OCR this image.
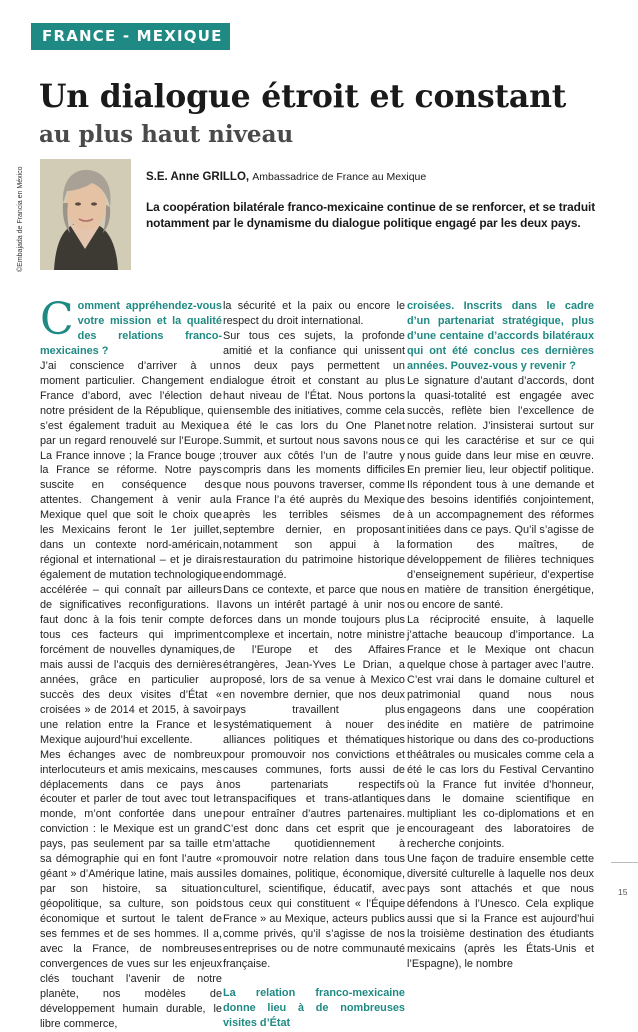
FRANCE - MEXIQUE
Un dialogue étroit et constant
au plus haut niveau
©Embajada de Francia en México	S.E. Anne GRILLO, Ambassadrice de France au Mexique
La coopération bilatérale franco-mexicaine continue de se renforcer, et se traduit notamment par le dynamisme du dialogue politique engagé par les deux pays.
C omment appréhendez-vous votre mission et la qualité des relations franco-mexicaines ?

J’ai conscience d’arriver à un moment particulier. Changement en France d’abord, avec l’élection de notre président de la République, qui s’est également traduit au Mexique par un regard renouvelé sur l’Europe. La France innove ; la France bouge ; la France se réforme. Notre pays suscite en conséquence des attentes. Changement à venir au Mexique quel que soit le choix que les Mexicains feront le 1er juillet, dans un contexte nord-américain, régional et international – et je dirais également de mutation technologique accélérée – qui connaît par ailleurs de significatives reconfigurations. Il faut donc à la fois tenir compte de tous ces facteurs qui impriment forcément de nouvelles dynamiques, mais aussi de l’acquis des dernières années, grâce en particulier au succès des deux visites d’État « croisées » de 2014 et 2015, à savoir une relation entre la France et le Mexique aujourd’hui excellente.

Mes échanges avec de nombreux interlocuteurs et amis mexicains, mes déplacements dans ce pays à écouter et parler de tout avec tout le monde, m’ont confortée dans une conviction : le Mexique est un grand pays, pas seulement par sa taille et sa démographie qui en font l’autre « géant » d’Amérique latine, mais aussi par son histoire, sa situation géopolitique, sa culture, son poids économique et surtout le talent de ses femmes et de ses hommes. Il a, avec la France, de nombreuses convergences de vues sur les enjeux clés touchant l’avenir de notre planète, nos modèles de développement humain durable, le libre commerce,

la sécurité et la paix ou encore le respect du droit international.

Sur tous ces sujets, la profonde amitié et la confiance qui unissent nos deux pays permettent un dialogue étroit et constant au plus haut niveau de l’État. Nous portons ensemble des initiatives, comme cela a été le cas lors du One Planet Summit, et surtout nous savons nous trouver aux côtés l’un de l’autre y compris dans les moments difficiles que nous pouvons traverser, comme la France l’a été auprès du Mexique après les terribles séismes de septembre dernier, en proposant notamment son appui à la restauration du patrimoine historique endommagé.

Dans ce contexte, et parce que nous avons un intérêt partagé à unir nos forces dans un monde toujours plus complexe et incertain, notre ministre de l’Europe et des Affaires étrangères, Jean-Yves Le Drian, a proposé, lors de sa venue à Mexico en novembre dernier, que nos deux pays travaillent plus systématiquement à nouer des alliances politiques et thématiques pour promouvoir nos convictions et causes communes, forts aussi de nos partenariats respectifs transpacifiques et trans-atlantiques pour entraîner d’autres partenaires. C’est donc dans cet esprit que je m’attache quotidiennement à promouvoir notre relation dans tous les domaines, politique, économique, culturel, scientifique, éducatif, avec tous ceux qui constituent « l’Équipe France » au Mexique, acteurs publics comme privés, qu’il s’agisse de nos entreprises ou de notre communauté française.

La relation franco-mexicaine donne lieu à de nombreuses visites d’État

croisées. Inscrits dans le cadre d’un partenariat stratégique, plus d’une centaine d’accords bilatéraux qui ont été conclus ces dernières années. Pouvez-vous y revenir ?

Le signature d’autant d’accords, dont la quasi-totalité est engagée avec succès, reflète bien l’excellence de notre relation. J’insisterai surtout sur ce qui les caractérise et sur ce qui nous guide dans leur mise en œuvre. En premier lieu, leur objectif politique. Ils répondent tous à une demande et des besoins identifiés conjointement, à un accompagnement des réformes initiées dans ce pays. Qu’il s’agisse de formation des maîtres, de développement de filières techniques d’enseignement supérieur, d’expertise en matière de transition énergétique, ou encore de santé.

La réciprocité ensuite, à laquelle j’attache beaucoup d’importance. La France et le Mexique ont chacun quelque chose à partager avec l’autre. C’est vrai dans le domaine culturel et patrimonial quand nous nous engageons dans une coopération inédite en matière de patrimoine historique ou dans des co-productions théâtrales ou musicales comme cela a été le cas lors du Festival Cervantino où la France fut invitée d’honneur, dans le domaine scientifique en multipliant les co-diplomations et en encourageant des laboratoires de recherche conjoints.

Une façon de traduire ensemble cette diversité culturelle à laquelle nos deux pays sont attachés et que nous défendons à l’Unesco. Cela explique aussi que si la France est aujourd’hui la troisième destination des étudiants mexicains (après les États-Unis et l’Espagne), le nombre

15
